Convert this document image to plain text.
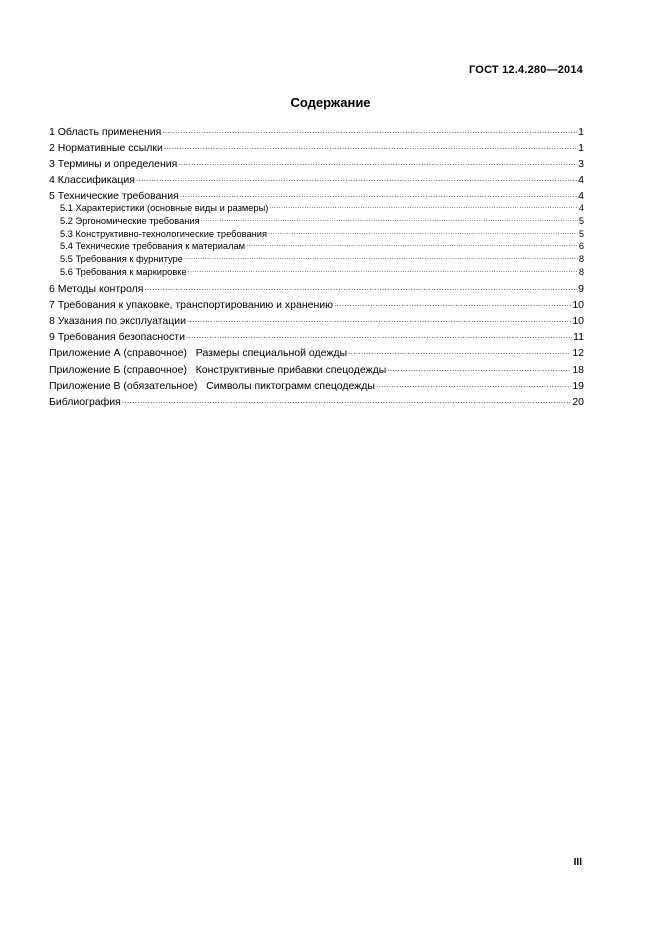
ГОСТ 12.4.280—2014
Содержание
1 Область применения .....	1
2 Нормативные ссылки .....	1
3 Термины и определения .....	3
4 Классификация .....	4
5 Технические требования .....	4
5.1 Характеристики (основные виды и размеры) .....	4
5.2 Эргономические требования .....	5
5.3 Конструктивно-технологические требования .....	5
5.4 Технические требования к материалам .....	6
5.5 Требования к фурнитуре .....	8
5.6 Требования к маркировке .....	8
6 Методы контроля .....	9
7 Требования к упаковке, транспортированию и хранению .....	10
8 Указания по эксплуатации .....	10
9 Требования безопасности .....	11
Приложение А (справочное)   Размеры специальной одежды .....	12
Приложение Б (справочное)   Конструктивные прибавки спецодежды .....	18
Приложение В (обязательное)   Символы пиктограмм спецодежды .....	19
Библиография .....	20
III
